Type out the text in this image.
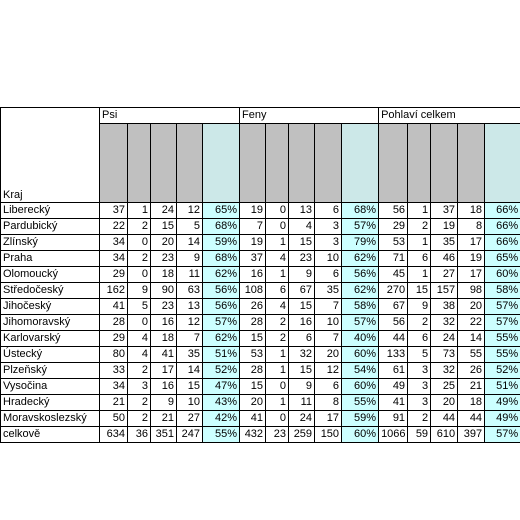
Kraj	Psi					Feny					Pohlaví celkem				

Liberecký	37	1	24	12	65%	19	0	13	6	68%	56	1	37	18	66%
Pardubický	22	2	15	5	68%	7	0	4	3	57%	29	2	19	8	66%
Zlínský	34	0	20	14	59%	19	1	15	3	79%	53	1	35	17	66%
Praha	34	2	23	9	68%	37	4	23	10	62%	71	6	46	19	65%
Olomoucký	29	0	18	11	62%	16	1	9	6	56%	45	1	27	17	60%
Středočeský	162	9	90	63	56%	108	6	67	35	62%	270	15	157	98	58%
Jihočeský	41	5	23	13	56%	26	4	15	7	58%	67	9	38	20	57%
Jihomoravský	28	0	16	12	57%	28	2	16	10	57%	56	2	32	22	57%
Karlovarský	29	4	18	7	62%	15	2	6	7	40%	44	6	24	14	55%
Ústecký	80	4	41	35	51%	53	1	32	20	60%	133	5	73	55	55%
Plzeňský	33	2	17	14	52%	28	1	15	12	54%	61	3	32	26	52%
Vysočina	34	3	16	15	47%	15	0	9	6	60%	49	3	25	21	51%
Hradecký	21	2	9	10	43%	20	1	11	8	55%	41	3	20	18	49%
Moravskoslezský	50	2	21	27	42%	41	0	24	17	59%	91	2	44	44	49%
celkově	634	36	351	247	55%	432	23	259	150	60%	1066	59	610	397	57%
